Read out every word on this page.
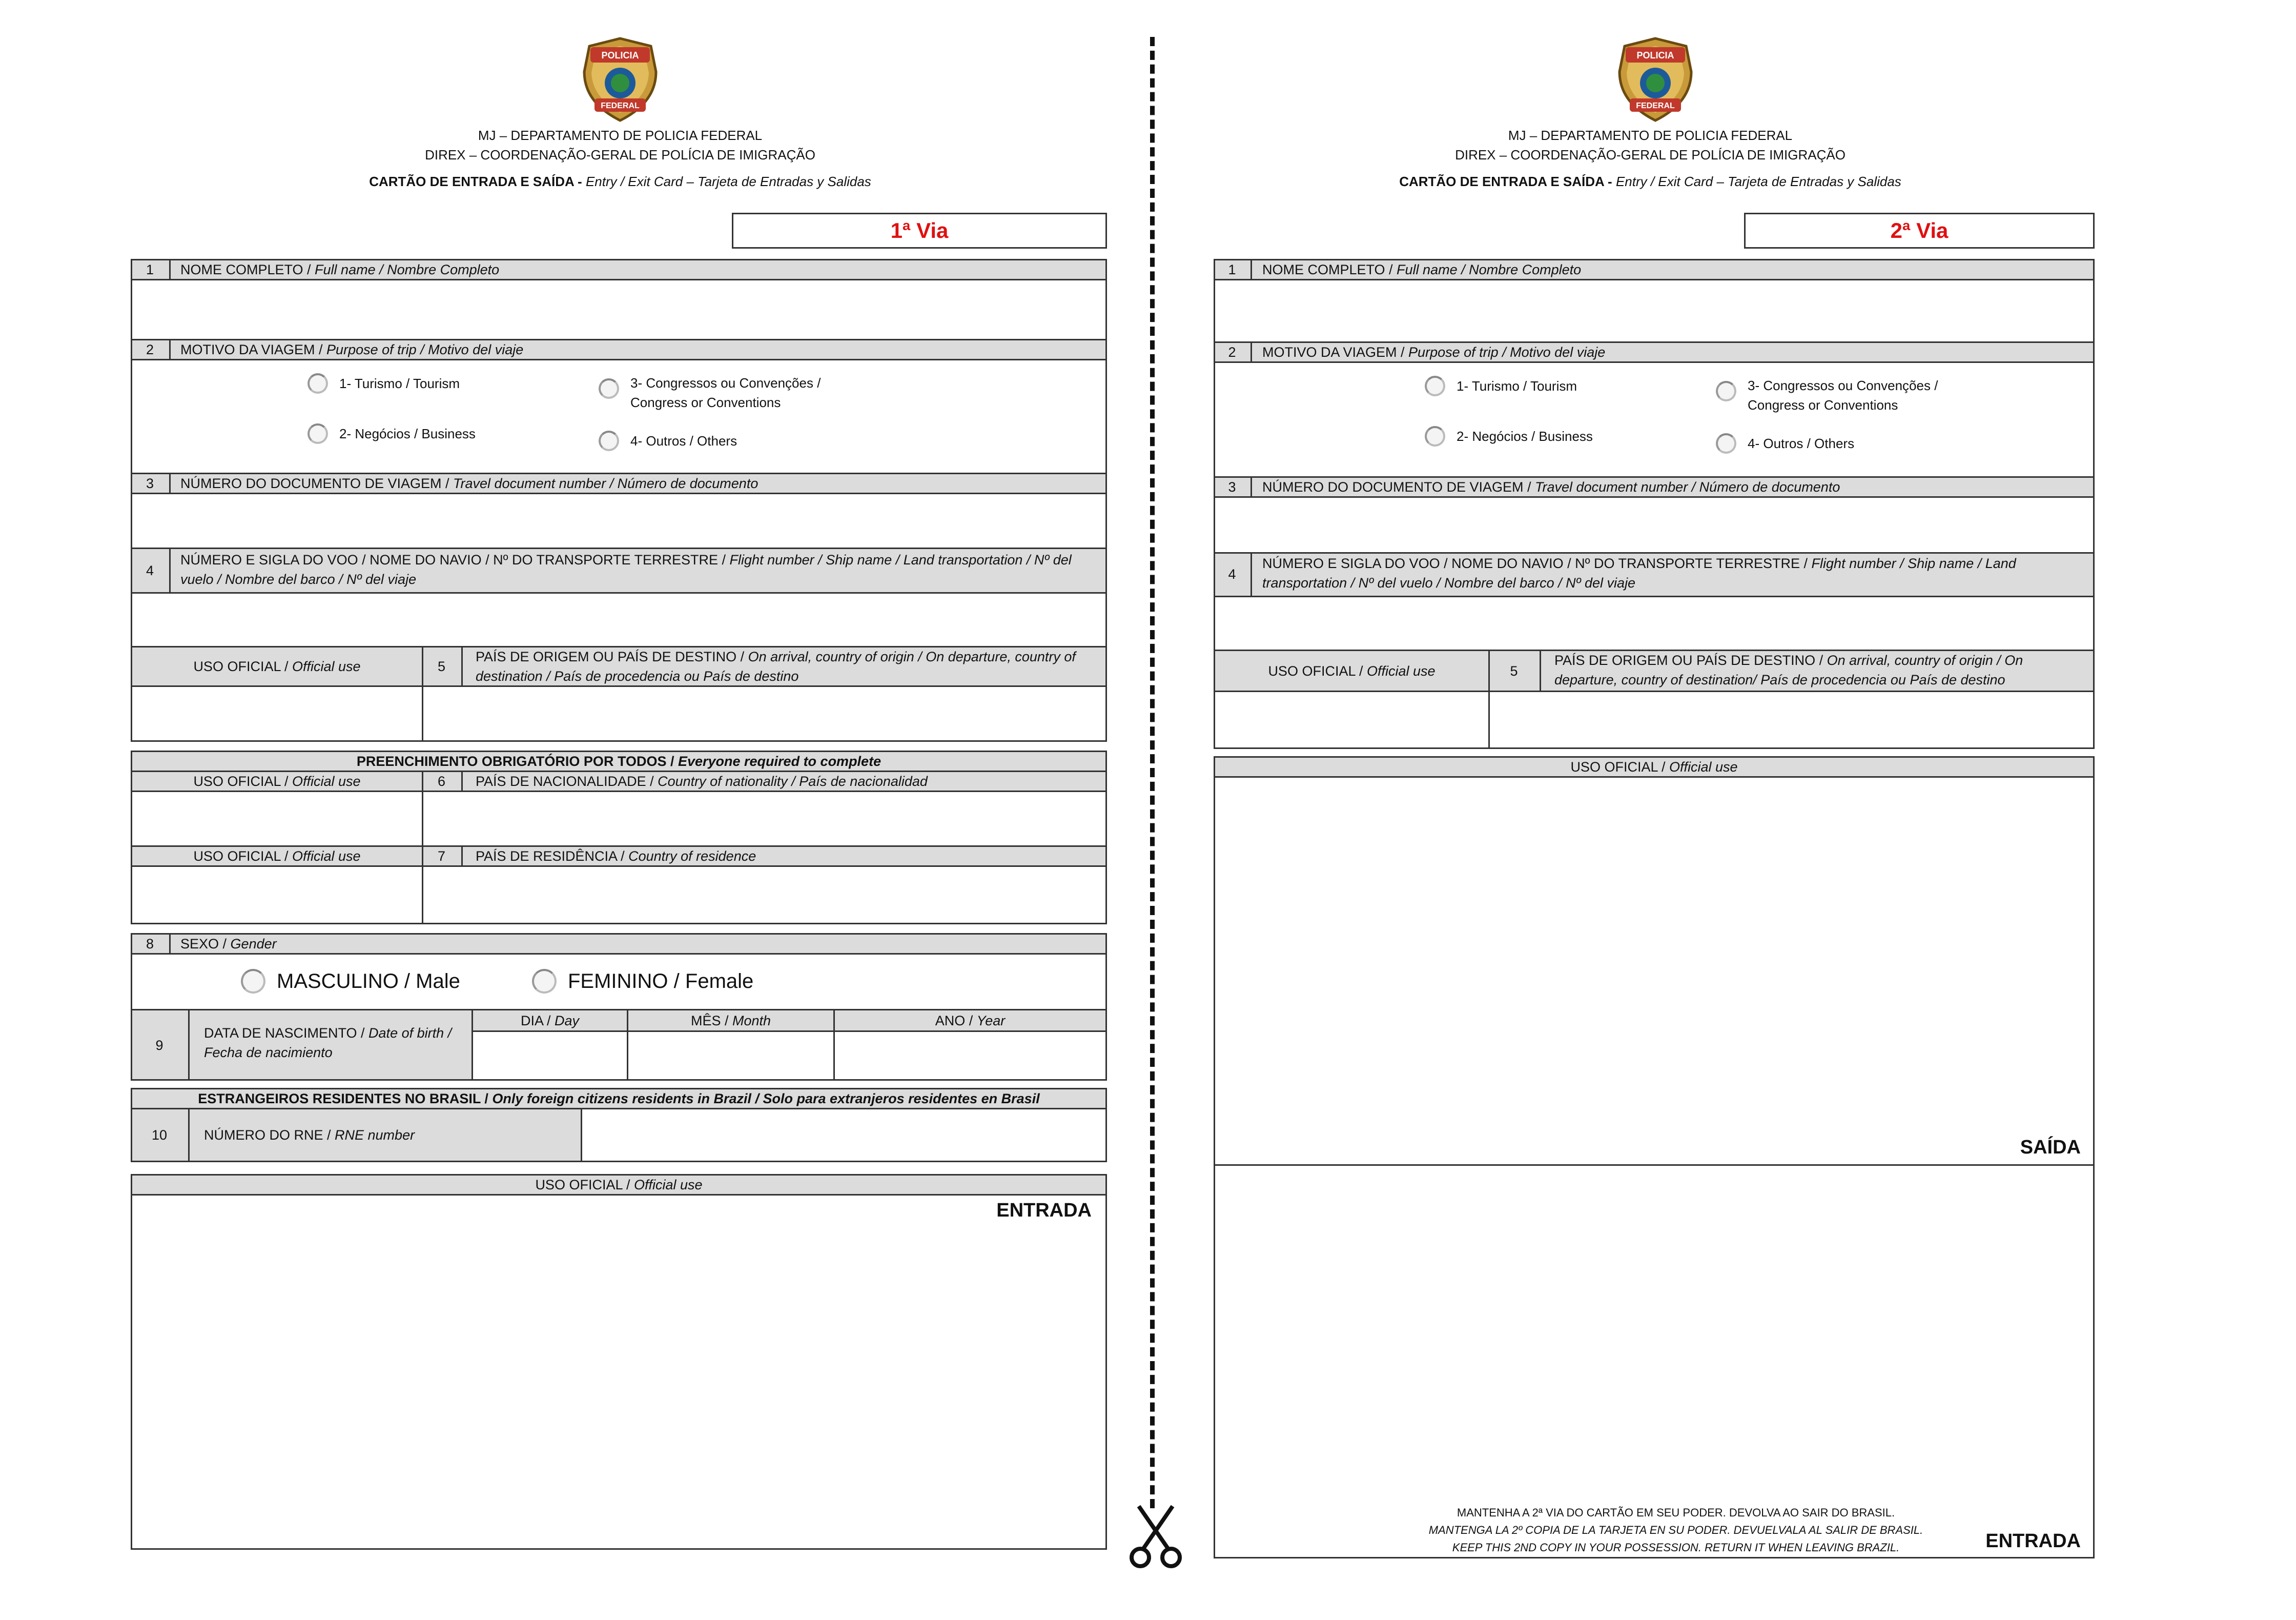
POLICIA
FEDERAL
POLICIA
FEDERAL
MJ – DEPARTAMENTO DE POLICIA FEDERAL
DIREX – COORDENAÇÃO-GERAL DE POLÍCIA DE IMIGRAÇÃO
CARTÃO DE ENTRADA E SAÍDA - Entry / Exit Card – Tarjeta de Entradas y Salidas
MJ – DEPARTAMENTO DE POLICIA FEDERAL
DIREX – COORDENAÇÃO-GERAL DE POLÍCIA DE IMIGRAÇÃO
CARTÃO DE ENTRADA E SAÍDA - Entry / Exit Card – Tarjeta de Entradas y Salidas
1ª Via
1	NOME COMPLETO / Full name / Nombre Completo
2	MOTIVO DA VIAGEM / Purpose of trip / Motivo del viaje
1- Turismo / Tourism
2- Negócios / Business
3- Congressos ou Convenções /
Congress or Conventions
4- Outros / Others
3	NÚMERO DO DOCUMENTO DE VIAGEM / Travel document number / Número de documento
4
NÚMERO E SIGLA DO VOO / NOME DO NAVIO / Nº DO TRANSPORTE TERRESTRE / Flight number / Ship name / Land transportation / Nº del vuelo / Nombre del barco / Nº del viaje
USO OFICIAL / Official use	5
PAÍS DE ORIGEM OU PAÍS DE DESTINO / On arrival, country of origin / On departure, country of destination / País de procedencia ou País de destino
PREENCHIMENTO OBRIGATÓRIO POR TODOS / Everyone required to complete
USO OFICIAL / Official use	6	PAÍS DE NACIONALIDADE / Country of nationality / País de nacionalidad
USO OFICIAL / Official use	7	PAÍS DE RESIDÊNCIA / Country of residence
8	SEXO / Gender
MASCULINO / Male	FEMININO / Female
9
DATA DE NASCIMENTO / Date of birth / Fecha de nacimiento
DIA / Day	MÊS / Month	ANO / Year
ESTRANGEIROS RESIDENTES NO BRASIL / Only foreign citizens residents in Brazil / Solo para extranjeros residentes en Brasil
10	NÚMERO DO RNE / RNE number
USO OFICIAL / Official use
ENTRADA
2ª Via
1	NOME COMPLETO / Full name / Nombre Completo
2	MOTIVO DA VIAGEM / Purpose of trip / Motivo del viaje
1- Turismo / Tourism
2- Negócios / Business
3- Congressos ou Convenções /
Congress or Conventions
4- Outros / Others
3	NÚMERO DO DOCUMENTO DE VIAGEM / Travel document number / Número de documento
4
NÚMERO E SIGLA DO VOO / NOME DO NAVIO / Nº DO TRANSPORTE TERRESTRE / Flight number / Ship name / Land transportation / Nº del vuelo / Nombre del barco / Nº del viaje
USO OFICIAL / Official use	5
PAÍS DE ORIGEM OU PAÍS DE DESTINO / On arrival, country of origin / On departure, country of destination/ País de procedencia ou País de destino
USO OFICIAL / Official use
SAÍDA
MANTENHA A 2ª VIA DO CARTÃO EM SEU PODER. DEVOLVA AO SAIR DO BRASIL.
MANTENGA LA 2º COPIA DE LA TARJETA EN SU PODER. DEVUELVALA AL SALIR DE BRASIL.
KEEP THIS 2ND COPY IN YOUR POSSESSION. RETURN IT WHEN LEAVING BRAZIL.	ENTRADA
